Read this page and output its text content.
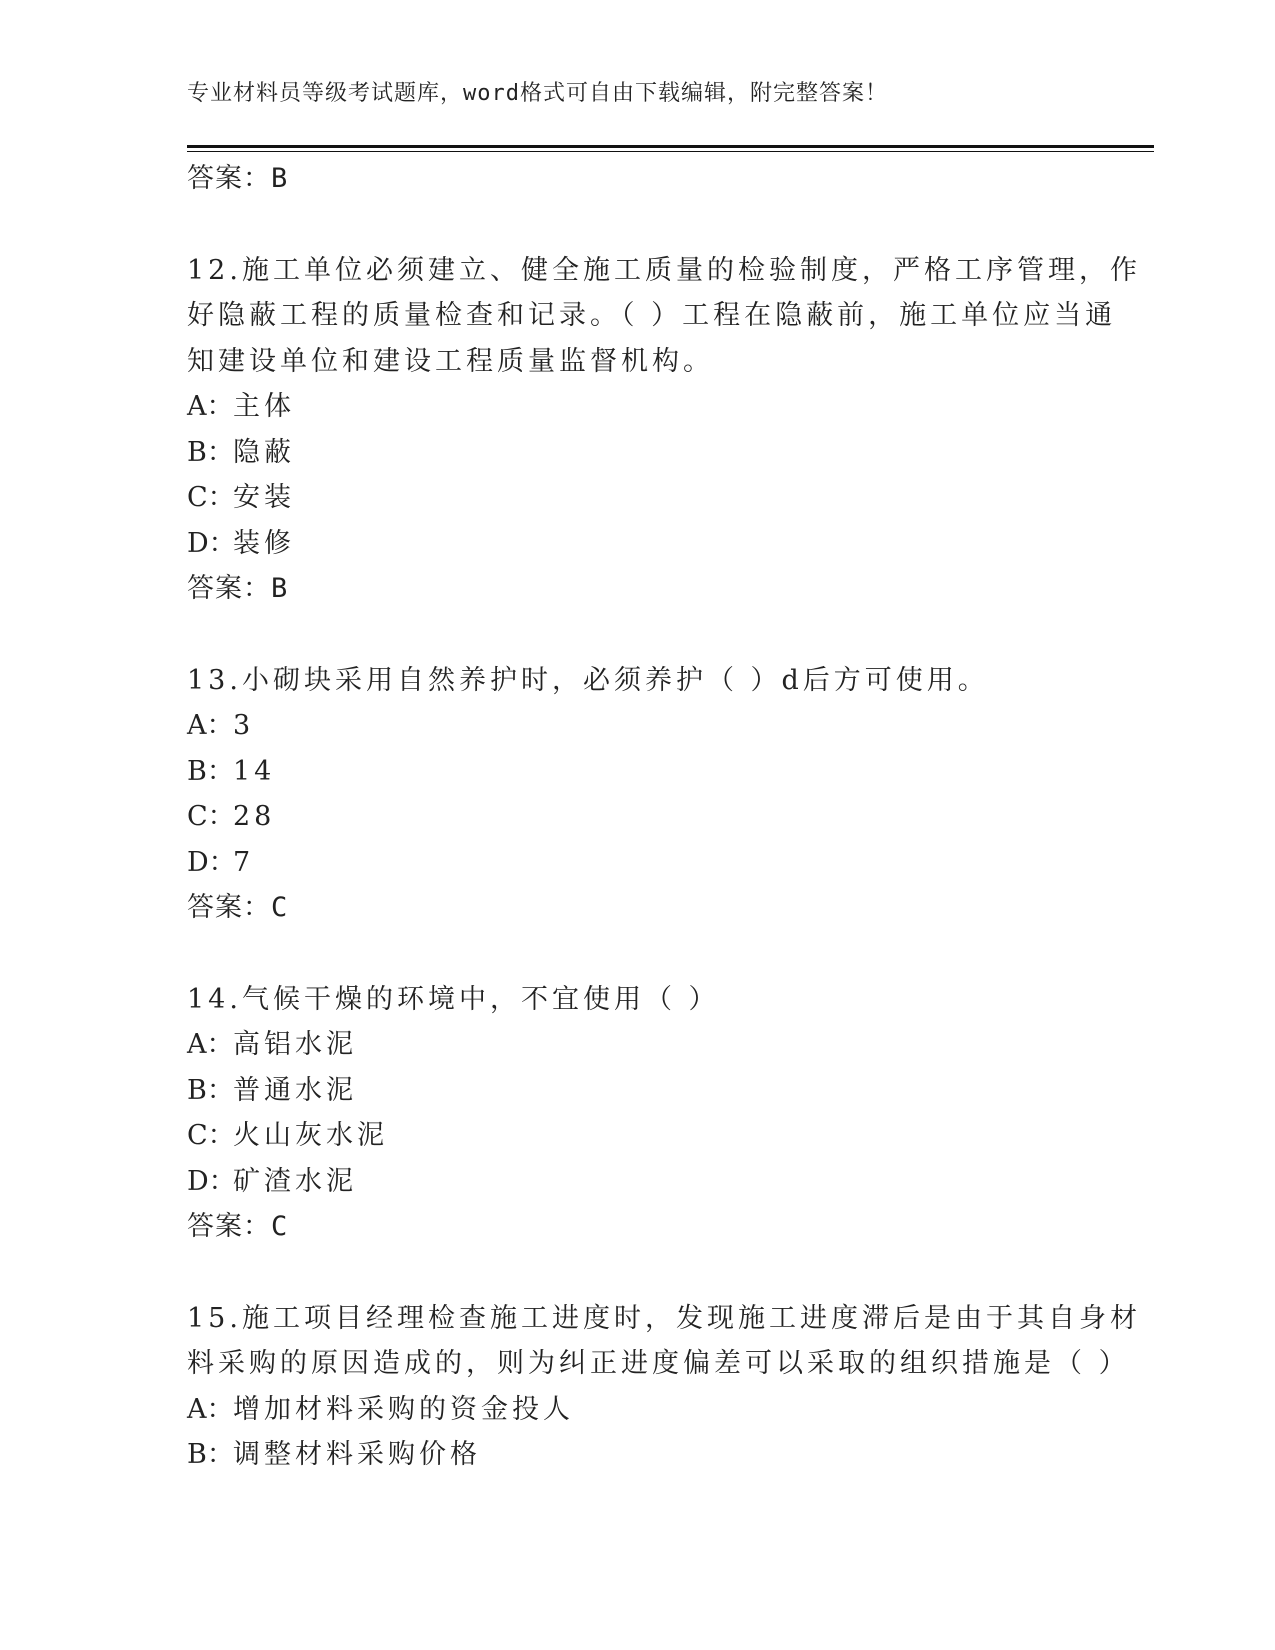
专业材料员等级考试题库，word格式可自由下载编辑，附完整答案！
答案：B
12.施工单位必须建立、健全施工质量的检验制度，严格工序管理，作
好隐蔽工程的质量检查和记录。（ ）工程在隐蔽前，施工单位应当通
知建设单位和建设工程质量监督机构。
A：主体
B：隐蔽
C：安装
D：装修
答案：B
13.小砌块采用自然养护时，必须养护（ ）d后方可使用。
A：3
B：14
C：28
D：7
答案：C
14.气候干燥的环境中，不宜使用（ ）
A：高铝水泥
B：普通水泥
C：火山灰水泥
D：矿渣水泥
答案：C
15.施工项目经理检查施工进度时，发现施工进度滞后是由于其自身材
料采购的原因造成的，则为纠正进度偏差可以采取的组织措施是（ ）
A：增加材料采购的资金投人
B：调整材料采购价格
